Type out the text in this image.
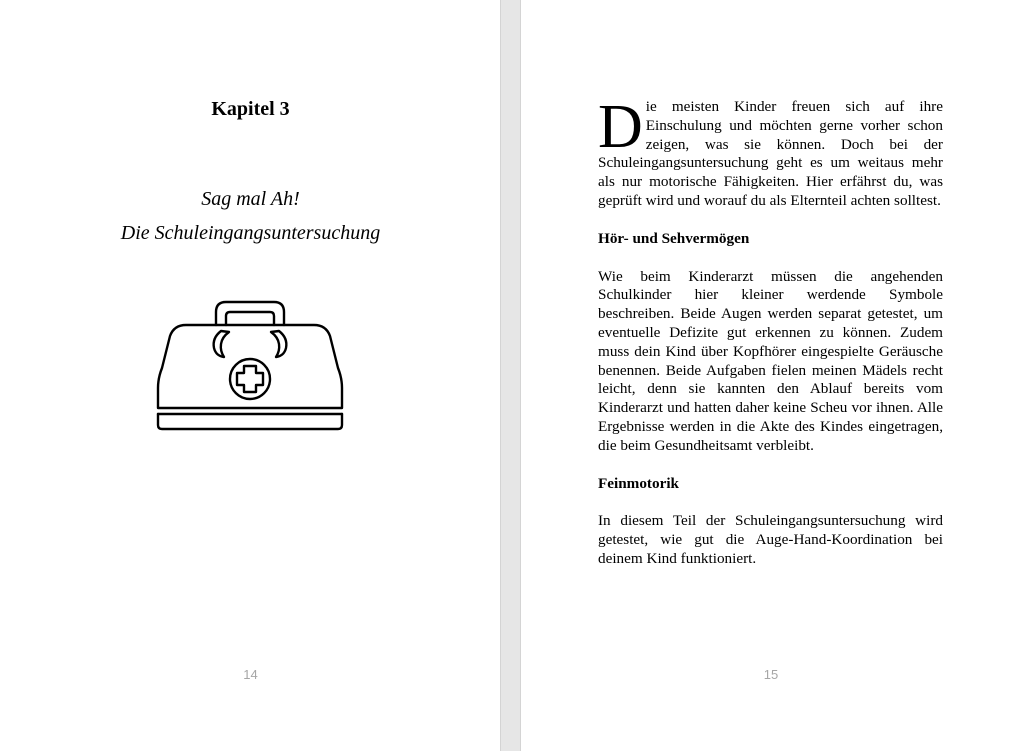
Kapitel 3
Sag mal Ah!
Die Schuleingangsuntersuchung
14

Die meisten Kinder freuen sich auf ihre Einschulung und möchten gerne vorher schon zeigen, was sie können. Doch bei der Schuleingangsuntersuchung geht es um weitaus mehr als nur motorische Fähigkeiten. Hier erfährst du, was geprüft wird und worauf du als Elternteil achten solltest.

Hör- und Sehvermögen

Wie beim Kinderarzt müssen die angehenden Schulkinder hier kleiner werdende Symbole beschreiben. Beide Augen werden separat getestet, um eventuelle Defizite gut erkennen zu können. Zudem muss dein Kind über Kopfhörer eingespielte Geräusche benennen. Beide Aufgaben fielen meinen Mädels recht leicht, denn sie kannten den Ablauf bereits vom Kinderarzt und hatten daher keine Scheu vor ihnen. Alle Ergebnisse werden in die Akte des Kindes eingetragen, die beim Gesundheitsamt verbleibt.

Feinmotorik

In diesem Teil der Schuleingangsuntersuchung wird getestet, wie gut die Auge-Hand-Koordination bei deinem Kind funktioniert.

15
